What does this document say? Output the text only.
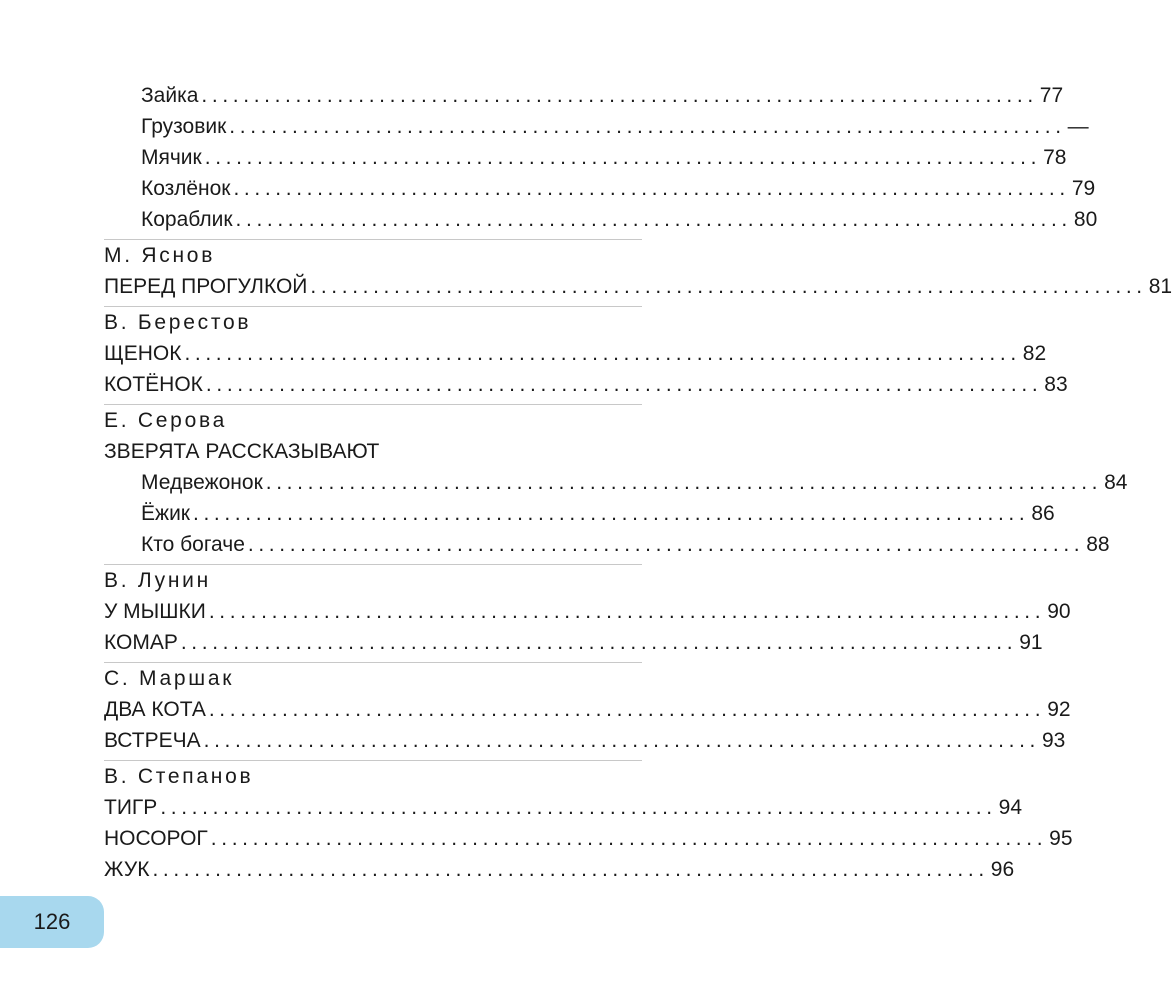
Зайка ................................................................................ 77
Грузовик ................................................................................ —
Мячик ................................................................................ 78
Козлёнок ................................................................................ 79
Кораблик ................................................................................ 80
М. Яснов
ПЕРЕД ПРОГУЛКОЙ ................................................................................ 81
В. Берестов
ЩЕНОК ................................................................................ 82
КОТЁНОК ................................................................................ 83
Е. Серова
ЗВЕРЯТА РАССКАЗЫВАЮТ
Медвежонок ................................................................................ 84
Ёжик ................................................................................ 86
Кто богаче ................................................................................ 88
В. Лунин
У МЫШКИ ................................................................................ 90
КОМАР ................................................................................ 91
С. Маршак
ДВА КОТА ................................................................................ 92
ВСТРЕЧА ................................................................................ 93
В. Степанов
ТИГР ................................................................................ 94
НОСОРОГ ................................................................................ 95
ЖУК ................................................................................ 96
126
